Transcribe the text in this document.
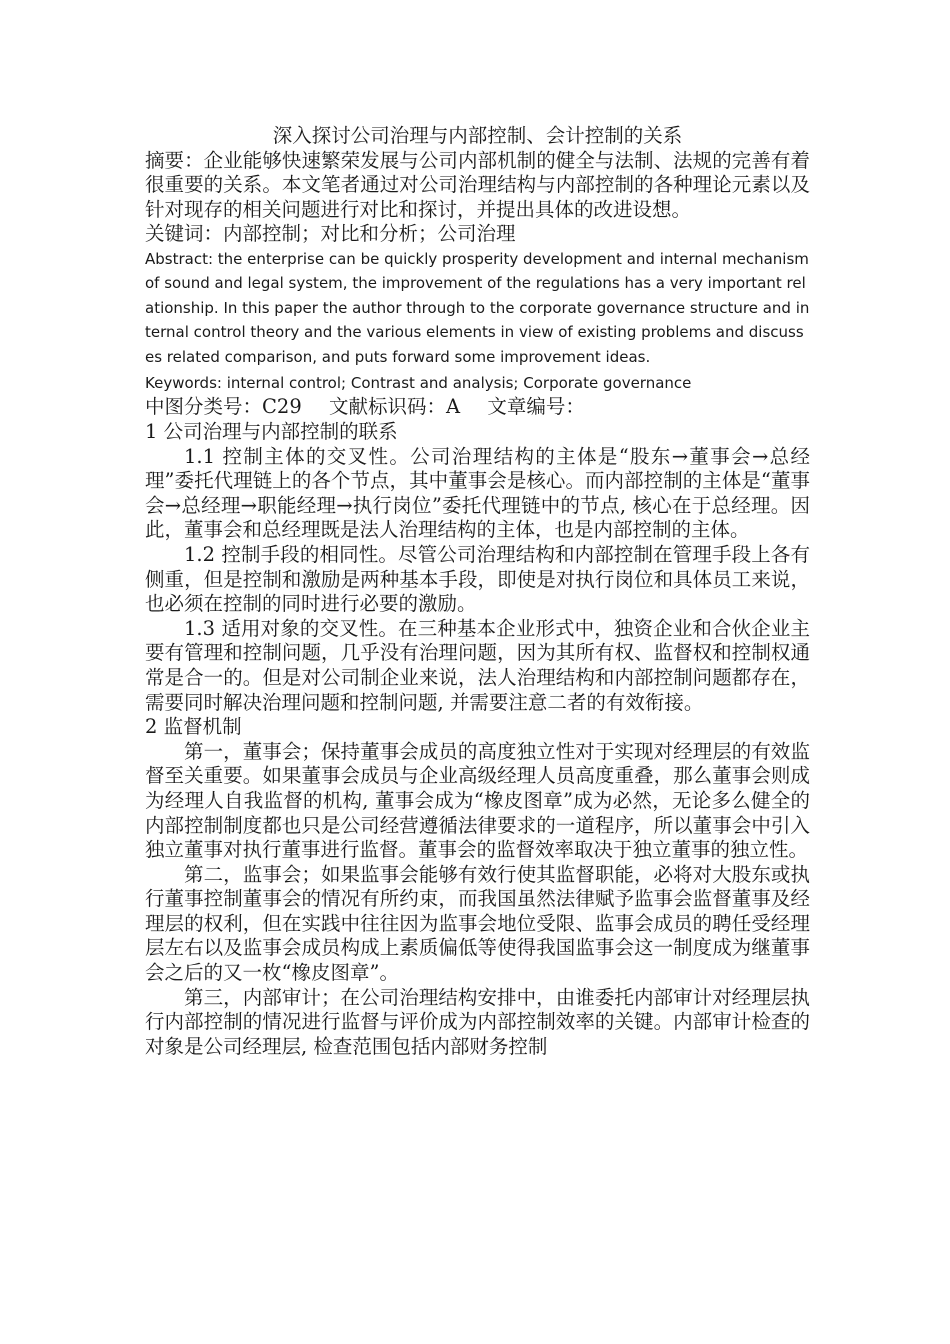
深入探讨公司治理与内部控制、会计控制的关系

摘要：企业能够快速繁荣发展与公司内部机制的健全与法制、法规的完善有着很重要的关系。本文笔者通过对公司治理结构与内部控制的各种理论元素以及针对现存的相关问题进行对比和探讨，并提出具体的改进设想。

关键词：内部控制；对比和分析；公司治理

Abstract: the enterprise can be quickly prosperity development and internal mechanism of sound and legal system, the improvement of the regulations has a very important relationship. In this paper the author through to the corporate governance structure and internal control theory and the various elements in view of existing problems and discusses related comparison, and puts forward some improvement ideas.

Keywords: internal control; Contrast and analysis; Corporate governance

中图分类号：C29 文献标识码：A 文章编号：

1 公司治理与内部控制的联系

1.1 控制主体的交叉性。公司治理结构的主体是“股东→董事会→总经理”委托代理链上的各个节点，其中董事会是核心。而内部控制的主体是“董事会→总经理→职能经理→执行岗位”委托代理链中的节点, 核心在于总经理。因此，董事会和总经理既是法人治理结构的主体，也是内部控制的主体。

1.2 控制手段的相同性。尽管公司治理结构和内部控制在管理手段上各有侧重，但是控制和激励是两种基本手段，即使是对执行岗位和具体员工来说，也必须在控制的同时进行必要的激励。

1.3 适用对象的交叉性。在三种基本企业形式中，独资企业和合伙企业主要有管理和控制问题，几乎没有治理问题，因为其所有权、监督权和控制权通常是合一的。但是对公司制企业来说，法人治理结构和内部控制问题都存在，需要同时解决治理问题和控制问题, 并需要注意二者的有效衔接。

2 监督机制

第一，董事会；保持董事会成员的高度独立性对于实现对经理层的有效监督至关重要。如果董事会成员与企业高级经理人员高度重叠，那么董事会则成为经理人自我监督的机构, 董事会成为“橡皮图章”成为必然，无论多么健全的内部控制制度都也只是公司经营遵循法律要求的一道程序，所以董事会中引入独立董事对执行董事进行监督。董事会的监督效率取决于独立董事的独立性。

第二，监事会；如果监事会能够有效行使其监督职能，必将对大股东或执行董事控制董事会的情况有所约束，而我国虽然法律赋予监事会监督董事及经理层的权利，但在实践中往往因为监事会地位受限、监事会成员的聘任受经理层左右以及监事会成员构成上素质偏低等使得我国监事会这一制度成为继董事会之后的又一枚“橡皮图章”。

第三，内部审计；在公司治理结构安排中，由谁委托内部审计对经理层执行内部控制的情况进行监督与评价成为内部控制效率的关键。内部审计检查的对象是公司经理层, 检查范围包括内部财务控制
